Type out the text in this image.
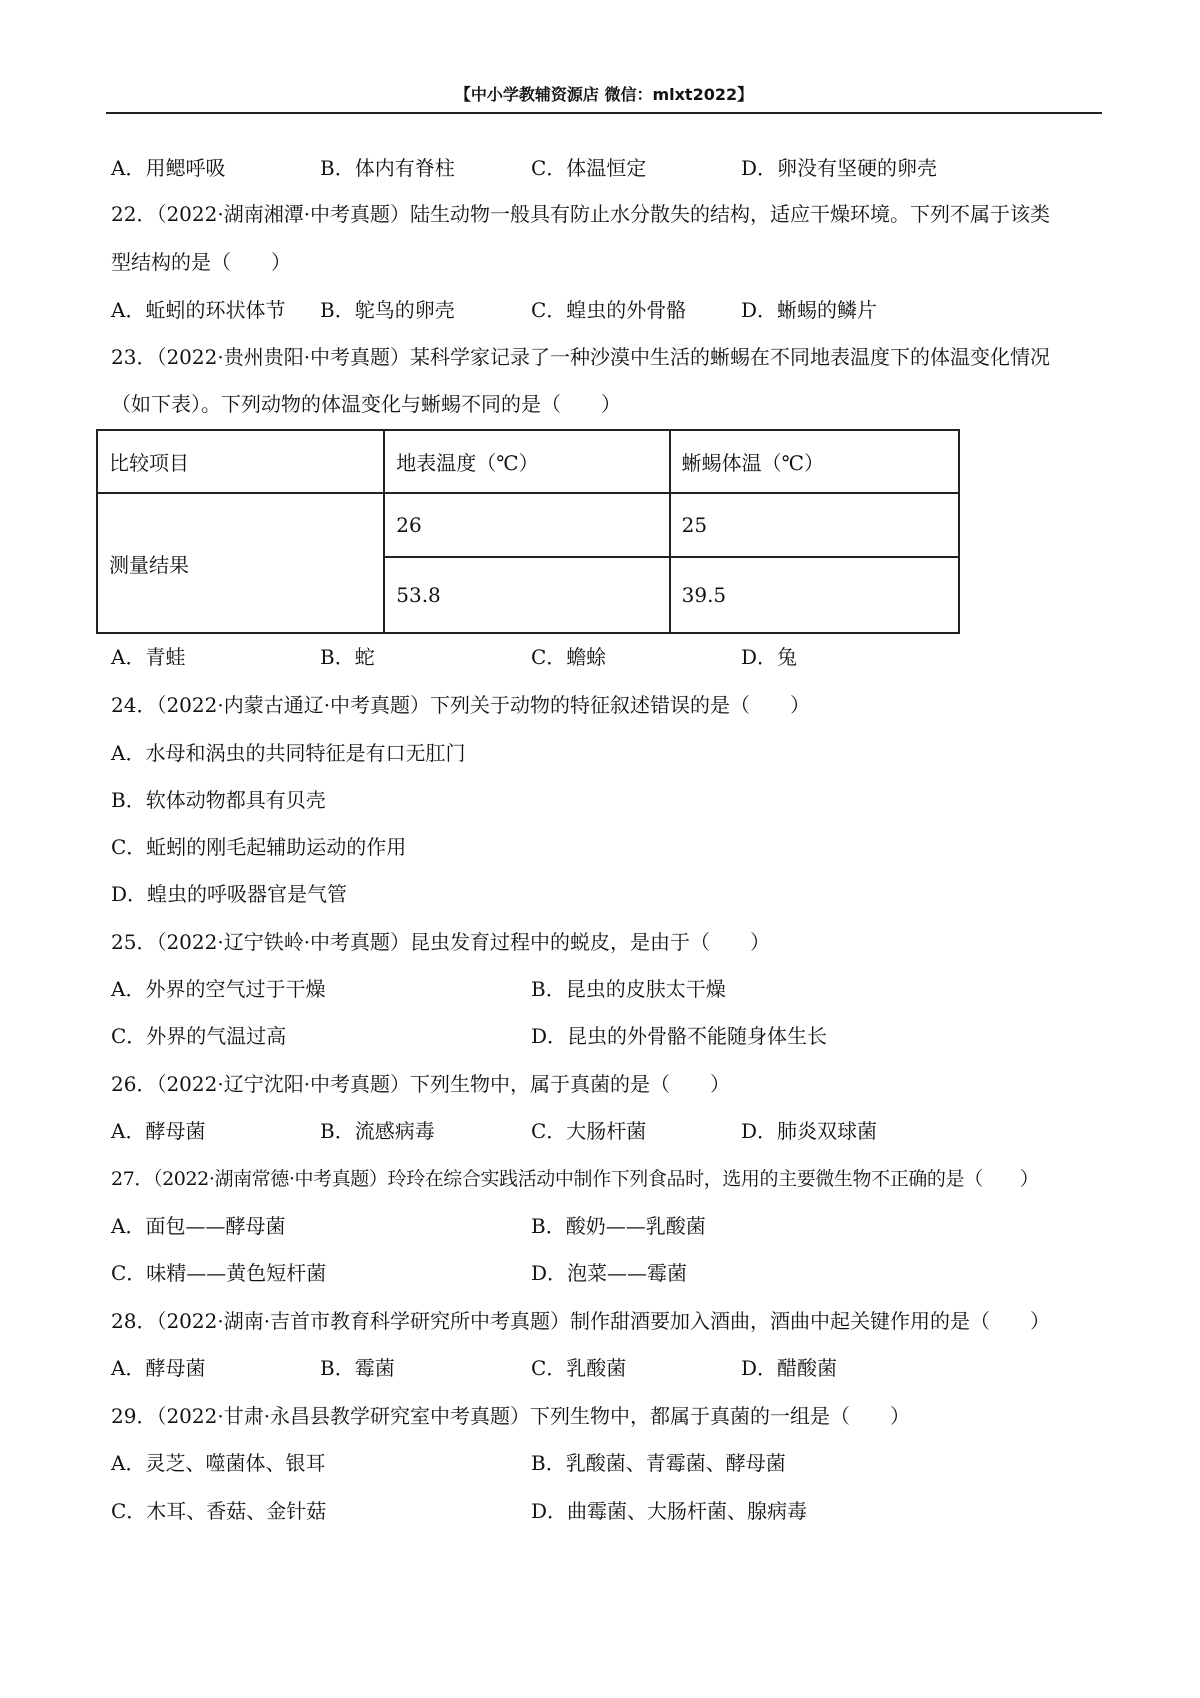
【中小学教辅资源店 微信：mlxt2022】
A．用鳃呼吸	B．体内有脊柱	C．体温恒定	D．卵没有坚硬的卵壳
22．（2022·湖南湘潭·中考真题）陆生动物一般具有防止水分散失的结构，适应干燥环境。下列不属于该类
型结构的是（　　）
A．蚯蚓的环状体节 B．鸵鸟的卵壳	C．蝗虫的外骨骼	D．蜥蜴的鳞片
23．（2022·贵州贵阳·中考真题）某科学家记录了一种沙漠中生活的蜥蜴在不同地表温度下的体温变化情况
（如下表）。下列动物的体温变化与蜥蜴不同的是（　　）
比较项目	地表温度（℃）	蜥蜴体温（℃）
测量结果	26	25
	53.8	39.5
A．青蛙	B．蛇	C．蟾蜍	D．兔
24．（2022·内蒙古通辽·中考真题）下列关于动物的特征叙述错误的是（　　）
A．水母和涡虫的共同特征是有口无肛门
B．软体动物都具有贝壳
C．蚯蚓的刚毛起辅助运动的作用
D．蝗虫的呼吸器官是气管
25．（2022·辽宁铁岭·中考真题）昆虫发育过程中的蜕皮，是由于（　　）
A．外界的空气过于干燥	B．昆虫的皮肤太干燥
C．外界的气温过高	D．昆虫的外骨骼不能随身体生长
26．（2022·辽宁沈阳·中考真题）下列生物中，属于真菌的是（　　）
A．酵母菌	B．流感病毒	C．大肠杆菌	D．肺炎双球菌
27．（2022·湖南常德·中考真题）玲玲在综合实践活动中制作下列食品时，选用的主要微生物不正确的是（　　）
A．面包——酵母菌	B．酸奶——乳酸菌
C．味精——黄色短杆菌	D．泡菜——霉菌
28．（2022·湖南·吉首市教育科学研究所中考真题）制作甜酒要加入酒曲，酒曲中起关键作用的是（　　）
A．酵母菌	B．霉菌	C．乳酸菌	D．醋酸菌
29．（2022·甘肃·永昌县教学研究室中考真题）下列生物中，都属于真菌的一组是（　　）
A．灵芝、噬菌体、银耳	B．乳酸菌、青霉菌、酵母菌
C．木耳、香菇、金针菇	D．曲霉菌、大肠杆菌、腺病毒
